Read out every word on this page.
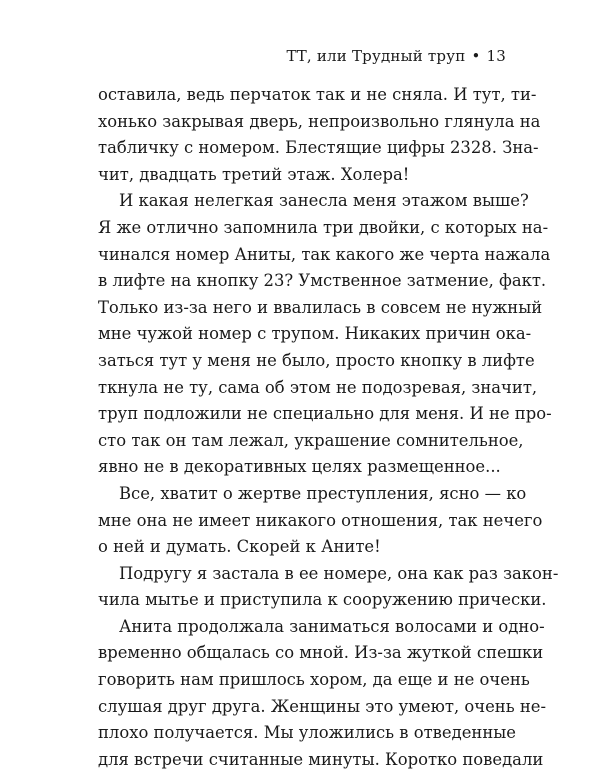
ТТ, или Трудный труп • 13
оставила, ведь перчаток так и не сняла. И тут, ти-
хонько закрывая дверь, непроизвольно глянула на
табличку с номером. Блестящие цифры 2328. Зна-
чит, двадцать третий этаж. Холера!
И какая нелегкая занесла меня этажом выше?
Я же отлично запомнила три двойки, с которых на-
чинался номер Аниты, так какого же черта нажала
в лифте на кнопку 23? Умственное затмение, факт.
Только из-за него и ввалилась в совсем не нужный
мне чужой номер с трупом. Никаких причин ока-
заться тут у меня не было, просто кнопку в лифте
ткнула не ту, сама об этом не подозревая, значит,
труп подложили не специально для меня. И не про-
сто так он там лежал, украшение сомнительное,
явно не в декоративных целях размещенное...
Все, хватит о жертве преступления, ясно — ко
мне она не имеет никакого отношения, так нечего
о ней и думать. Скорей к Аните!
Подругу я застала в ее номере, она как раз закон-
чила мытье и приступила к сооружению прически.
Анита продолжала заниматься волосами и одно-
временно общалась со мной. Из-за жуткой спешки
говорить нам пришлось хором, да еще и не очень
слушая друг друга. Женщины это умеют, очень не-
плохо получается. Мы уложились в отведенные
для встречи считанные минуты. Коротко поведали
